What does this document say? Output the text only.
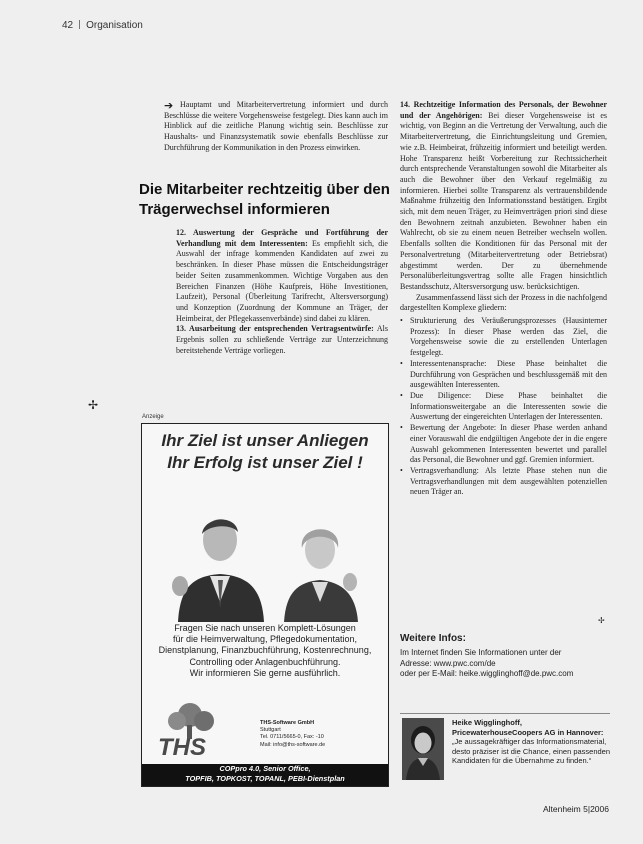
42 Organisation
➔ Hauptamt und Mitarbeitervertretung informiert und durch Beschlüsse die weitere Vorgehensweise festgelegt. Dies kann auch im Hinblick auf die zeitliche Planung wichtig sein. Beschlüsse zur Haushalts- und Finanzsystematik sowie ebenfalls Beschlüsse zur Durchführung der Kommunikation in den Prozess einwirken.

Die Mitarbeiter rechtzeitig über den Trägerwechsel informieren

12. Auswertung der Gespräche und Fortführung der Verhandlung mit dem Interessenten: Es empfiehlt sich, die Auswahl der infrage kommenden Kandidaten auf zwei zu beschränken. In dieser Phase müssen die Entscheidungsträger beider Seiten zusammenkommen. Wichtige Vorgaben aus den Bereichen Finanzen (Höhe Kaufpreis, Höhe Investitionen, Laufzeit), Personal (Überleitung Tarifrecht, Altersversorgung) und Konzeption (Zuordnung der Kommune an Träger, der Heimbeirat, der Pflegekassenverbände) sind dabei zu klären.

13. Ausarbeitung der entsprechenden Vertragsentwürfe: Als Ergebnis sollen zu schließende Verträge zur Unterzeichnung bereitstehende Verträge vorliegen.

14. Rechtzeitige Information des Personals, der Bewohner und der Angehörigen: Bei dieser Vorgehensweise ist es wichtig, von Beginn an die Vertretung der Verwaltung, auch die Mitarbeitervertretung, die Einrichtungsleitung und Gremien, wie z.B. Heimbeirat, frühzeitig informiert und beteiligt werden. Hohe Transparenz heißt Vorbereitung zur Rechtssicherheit durch entsprechende Veranstaltungen sowohl die Mitarbeiter als auch die Bewohner über den Verkauf regelmäßig zu informieren. Hierbei sollte Transparenz als vertrauensbildende Maßnahme frühzeitig den Informationsstand bestätigen. Ergibt sich, mit dem neuen Träger, zu Heimverträgen priori sind diese den Bewohnern zeitnah anzubieten. Bewohner haben ein Wahlrecht, ob sie zu einem neuen Betreiber wechseln wollen. Ebenfalls sollten die Konditionen für das Personal mit der Personalvertretung (Mitarbeitervertretung oder Betriebsrat) abgestimmt werden. Der zu übernehmende Personalüberleitungsvertrag sollte alle Fragen hinsichtlich Bestandsschutz, Altersversorgung usw. berücksichtigen.

Zusammenfassend lässt sich der Prozess in die nachfolgend dargestellten Komplexe gliedern:

• Strukturierung des Veräußerungsprozesses (Hausinterner Prozess): In dieser Phase werden das Ziel, die Vorgehensweise sowie die zu erstellenden Unterlagen festgelegt.
• Interessentenansprache: Diese Phase beinhaltet die Durchführung von Gesprächen und beschlussgemäß mit den ausgewählten Interessenten.
• Due Diligence: Diese Phase beinhaltet die Informationsweitergabe an die Interessenten sowie die Auswertung der eingereichten Unterlagen der Interessenten.
• Bewertung der Angebote: In dieser Phase werden anhand einer Vorauswahl die endgültigen Angebote der in die engere Auswahl gekommenen Interessenten bewertet und parallel das Personal, die Bewohner und ggf. Gremien informiert.
• Vertragsverhandlung: Als letzte Phase stehen nun die Vertragsverhandlungen mit dem ausgewählten potenziellen neuen Träger an.
Weitere Infos:
Im Internet finden Sie Informationen unter der
Adresse: www.pwc.com/de
oder per E-Mail: heike.wigglinghoff@de.pwc.com
Heike Wigglinghoff, PricewaterhouseCoopers AG in Hannover:
„Je aussagekräftiger das Informationsmaterial, desto präziser ist die Chance, einen passenden Kandidaten für die Übernahme zu finden.“
Altenheim 5|2006
✢
✢
Anzeige
Ihr Ziel ist unser Anliegen
Ihr Erfolg ist unser Ziel !
Fragen Sie nach unseren Komplett-Lösungen
für die Heimverwaltung, Pflegedokumentation,
Dienstplanung, Finanzbuchführung, Kostenrechnung,
Controlling oder Anlagenbuchführung.
Wir informieren Sie gerne ausführlich.
THS
THS-Software GmbH
Stuttgart
Tel. 0711/5665-0, Fax: -10
Mail: info@ths-software.de
COPpro 4.0, Senior Office,
TOPFIB, TOPKOST, TOPANL, PEBI-Dienstplan
